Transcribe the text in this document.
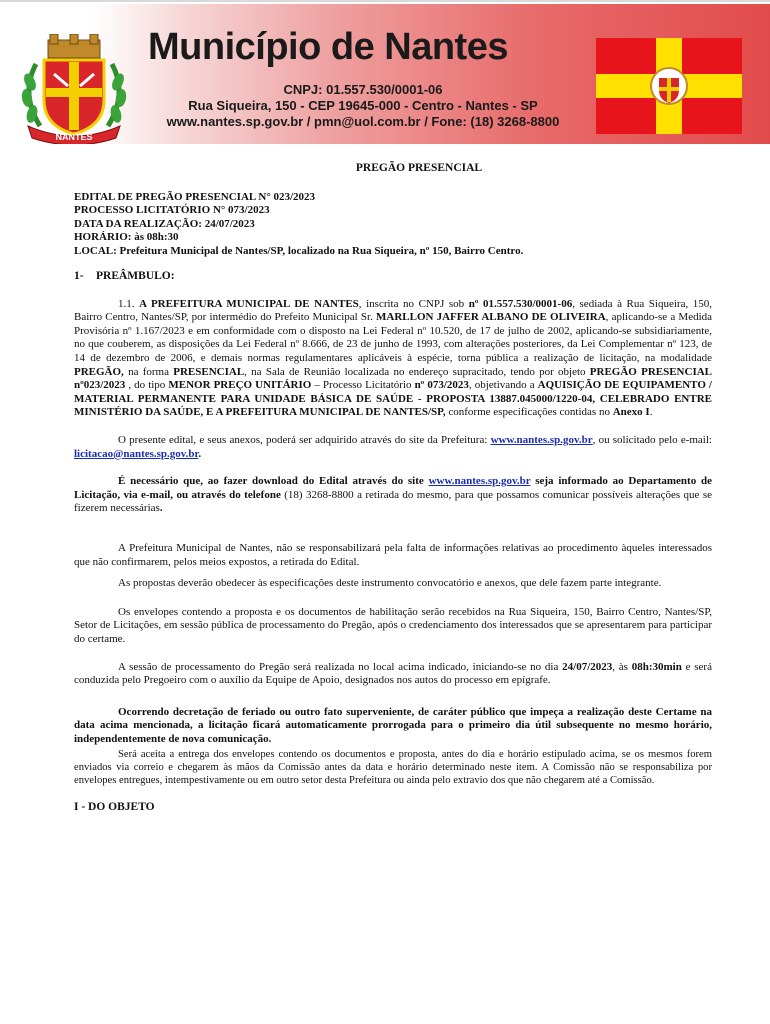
NANTES
Município de Nantes
CNPJ: 01.557.530/0001-06
Rua Siqueira, 150 - CEP 19645-000 - Centro - Nantes - SP
www.nantes.sp.gov.br / pmn@uol.com.br / Fone: (18) 3268-8800
PREGÃO PRESENCIAL
EDITAL DE PREGÃO PRESENCIAL N° 023/2023
PROCESSO LICITATÓRIO N° 073/2023
DATA DA REALIZAÇÃO: 24/07/2023
HORÁRIO: às 08h:30
LOCAL: Prefeitura Municipal de Nantes/SP, localizado na Rua Siqueira, nº 150, Bairro Centro.
1- PREÂMBULO:

1.1. A PREFEITURA MUNICIPAL DE NANTES, inscrita no CNPJ sob nº 01.557.530/0001-06, sediada à Rua Siqueira, 150, Bairro Centro, Nantes/SP, por intermédio do Prefeito Municipal Sr. MARLLON JAFFER ALBANO DE OLIVEIRA, aplicando-se a Medida Provisória nº 1.167/2023 e em conformidade com o disposto na Lei Federal nº 10.520, de 17 de julho de 2002, aplicando-se subsidiariamente, no que couberem, as disposições da Lei Federal nº 8.666, de 23 de junho de 1993, com alterações posteriores, da Lei Complementar nº 123, de 14 de dezembro de 2006, e demais normas regulamentares aplicáveis à espécie, torna pública a realização de licitação, na modalidade PREGÃO, na forma PRESENCIAL, na Sala de Reunião localizada no endereço supracitado, tendo por objeto PREGÃO PRESENCIAL nº023/2023 , do tipo MENOR PREÇO UNITÁRIO – Processo Licitatório nº 073/2023, objetivando a AQUISIÇÃO DE EQUIPAMENTO / MATERIAL PERMANENTE PARA UNIDADE BÁSICA DE SAÚDE - PROPOSTA 13887.045000/1220-04, CELEBRADO ENTRE MINISTÉRIO DA SAÚDE, E A PREFEITURA MUNICIPAL DE NANTES/SP, conforme especificações contidas no Anexo I.

O presente edital, e seus anexos, poderá ser adquirido através do site da Prefeitura: www.nantes.sp.gov.br, ou solicitado pelo e-mail: licitacao@nantes.sp.gov.br.

É necessário que, ao fazer download do Edital através do site www.nantes.sp.gov.br seja informado ao Departamento de Licitação, via e-mail, ou através do telefone (18) 3268-8800 a retirada do mesmo, para que possamos comunicar possíveis alterações que se fizerem necessárias.

A Prefeitura Municipal de Nantes, não se responsabilizará pela falta de informações relativas ao procedimento àqueles interessados que não confirmarem, pelos meios expostos, a retirada do Edital.

As propostas deverão obedecer às especificações deste instrumento convocatório e anexos, que dele fazem parte integrante.

Os envelopes contendo a proposta e os documentos de habilitação serão recebidos na Rua Siqueira, 150, Bairro Centro, Nantes/SP, Setor de Licitações, em sessão pública de processamento do Pregão, após o credenciamento dos interessados que se apresentarem para participar do certame.

A sessão de processamento do Pregão será realizada no local acima indicado, iniciando-se no dia 24/07/2023, às 08h:30min e será conduzida pelo Pregoeiro com o auxílio da Equipe de Apoio, designados nos autos do processo em epígrafe.

Ocorrendo decretação de feriado ou outro fato superveniente, de caráter público que impeça a realização deste Certame na data acima mencionada, a licitação ficará automaticamente prorrogada para o primeiro dia útil subsequente no mesmo horário, independentemente de nova comunicação.

Será aceita a entrega dos envelopes contendo os documentos e proposta, antes do dia e horário estipulado acima, se os mesmos forem enviados via correio e chegarem às mãos da Comissão antes da data e horário determinado neste item. A Comissão não se responsabiliza por envelopes entregues, intempestivamente ou em outro setor desta Prefeitura ou ainda pelo extravio dos que não chegarem até a Comissão.

I - DO OBJETO
